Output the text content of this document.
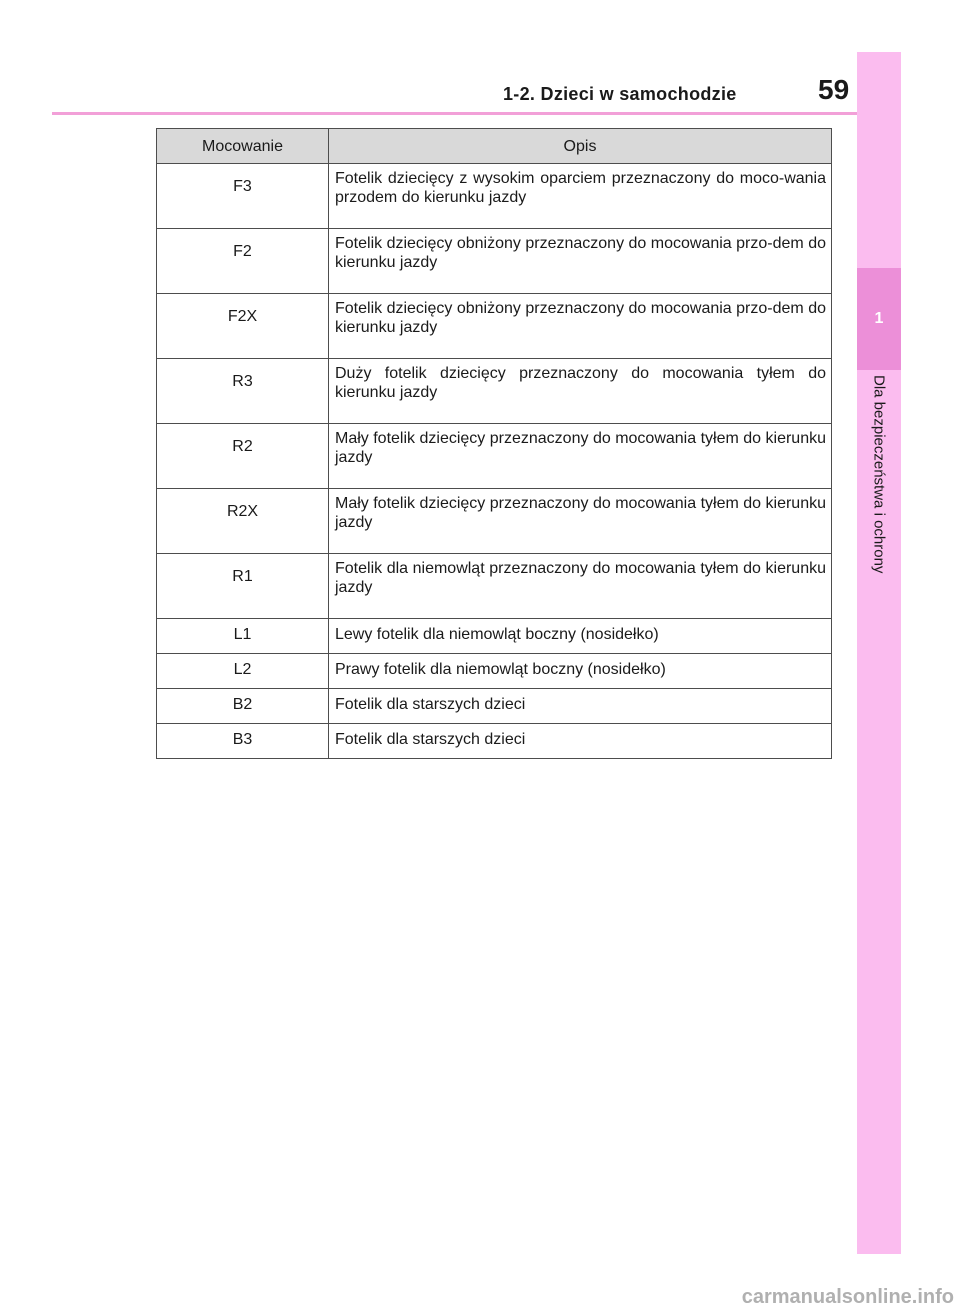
1-2. Dzieci w samochodzie	59
1
Dla bezpieczeństwa i ochrony
Mocowanie	Opis
F3	Fotelik dziecięcy z wysokim oparciem przeznaczony do moco-wania przodem do kierunku jazdy
F2	Fotelik dziecięcy obniżony przeznaczony do mocowania przo-dem do kierunku jazdy
F2X	Fotelik dziecięcy obniżony przeznaczony do mocowania przo-dem do kierunku jazdy
R3	Duży fotelik dziecięcy przeznaczony do mocowania tyłem do kierunku jazdy
R2	Mały fotelik dziecięcy przeznaczony do mocowania tyłem do kierunku jazdy
R2X	Mały fotelik dziecięcy przeznaczony do mocowania tyłem do kierunku jazdy
R1	Fotelik dla niemowląt przeznaczony do mocowania tyłem do kierunku jazdy
L1	Lewy fotelik dla niemowląt boczny (nosidełko)
L2	Prawy fotelik dla niemowląt boczny (nosidełko)
B2	Fotelik dla starszych dzieci
B3	Fotelik dla starszych dzieci
carmanualsonline.info
